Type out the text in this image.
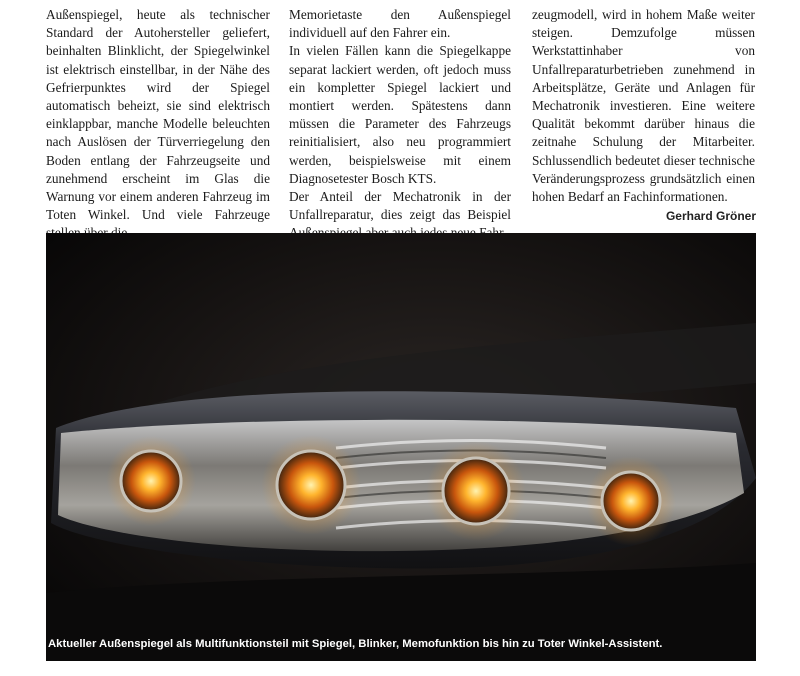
Außenspiegel, heute als technischer Standard der Autohersteller geliefert, beinhalten Blinklicht, der Spiegelwinkel ist elektrisch einstellbar, in der Nähe des Gefrierpunktes wird der Spiegel automatisch beheizt, sie sind elektrisch einklappbar, manche Modelle beleuchten nach Auslösen der Türverriegelung den Boden entlang der Fahrzeugseite und zunehmend erscheint im Glas die Warnung vor einem anderen Fahrzeug im Toten Winkel. Und viele Fahrzeuge

Memorietaste den Außenspiegel individuell auf den Fahrer ein.

In vielen Fällen kann die Spiegelkappe separat lackiert werden, oft jedoch muss ein kompletter Spiegel lackiert und montiert werden. Spätestens dann müssen die Parameter des Fahrzeugs reinitialisiert, also neu programmiert werden, beispielsweise mit einem Diagnosetester Bosch KTS.

Der Anteil der Mechatronik in der Unfallreparatur, dies zeigt das Beispiel

zeugmodell, wird in hohem Maße weiter steigen. Demzufolge müssen Werkstattinhaber von Unfallreparaturbetrieben zunehmend in Arbeitsplätze, Geräte und Anlagen für Mechatronik investieren. Eine weitere Qualität bekommt darüber hinaus die zeitnahe Schulung der Mitarbeiter. Schlussendlich bedeutet dieser technische Veränderungsprozess grundsätzlich einen hohen Bedarf an Fachinformationen.

Gerhard Gröner
Aktueller Außenspiegel als Multifunktionsteil mit Spiegel, Blinker, Memofunktion bis hin zu Toter Winkel-Assistent.
